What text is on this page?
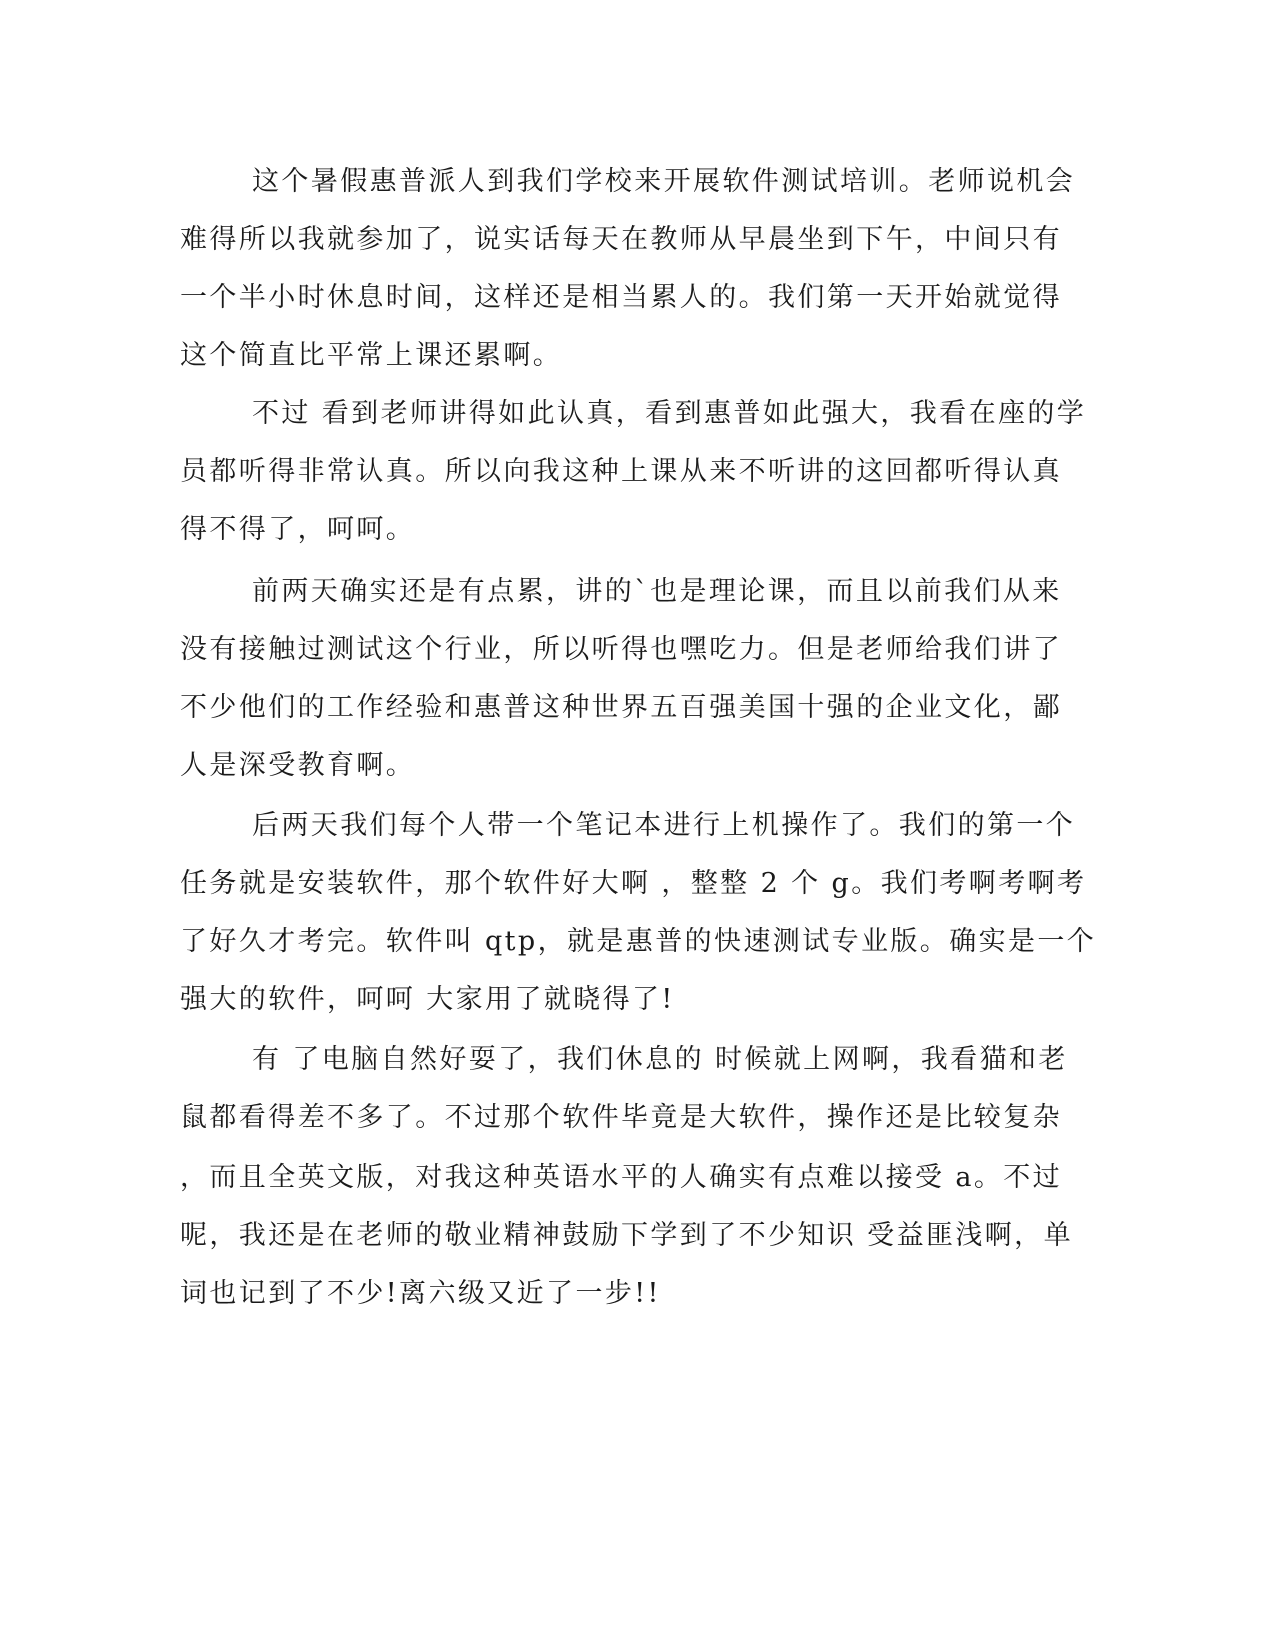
这个暑假惠普派人到我们学校来开展软件测试培训。老师说机会
难得所以我就参加了，说实话每天在教师从早晨坐到下午，中间只有
一个半小时休息时间，这样还是相当累人的。我们第一天开始就觉得
这个简直比平常上课还累啊。
不过 看到老师讲得如此认真，看到惠普如此强大，我看在座的学
员都听得非常认真。所以向我这种上课从来不听讲的这回都听得认真
得不得了，呵呵。
前两天确实还是有点累，讲的`也是理论课，而且以前我们从来
没有接触过测试这个行业，所以听得也嘿吃力。但是老师给我们讲了
不少他们的工作经验和惠普这种世界五百强美国十强的企业文化，鄙
人是深受教育啊。
后两天我们每个人带一个笔记本进行上机操作了。我们的第一个
任务就是安装软件，那个软件好大啊 ，整整 2 个 g。我们考啊考啊考
了好久才考完。软件叫 qtp，就是惠普的快速测试专业版。确实是一个
强大的软件，呵呵 大家用了就晓得了!
有 了电脑自然好耍了，我们休息的 时候就上网啊，我看猫和老
鼠都看得差不多了。不过那个软件毕竟是大软件，操作还是比较复杂
，而且全英文版，对我这种英语水平的人确实有点难以接受 a。不过
呢，我还是在老师的敬业精神鼓励下学到了不少知识 受益匪浅啊，单
词也记到了不少!离六级又近了一步!!
